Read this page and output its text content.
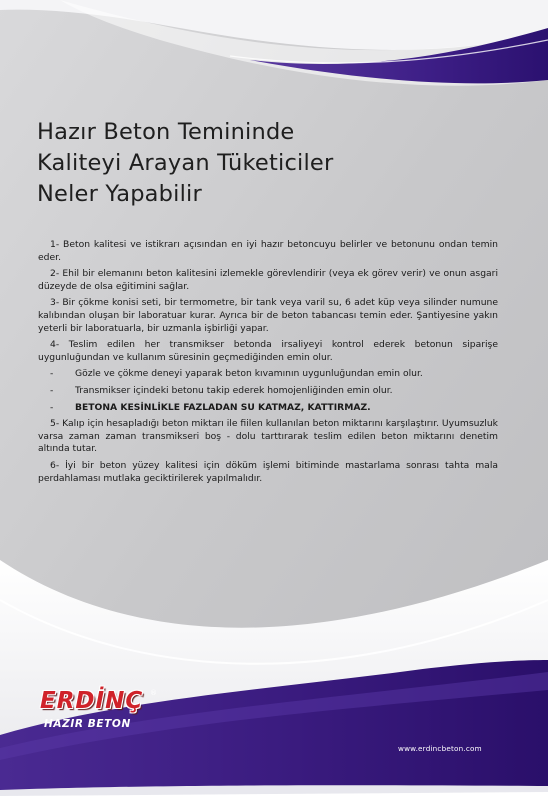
Hazır Beton Temininde
Kaliteyi Arayan Tüketiciler
Neler Yapabilir

1- Beton kalitesi ve istikrarı açısından en iyi hazır betoncuyu belirler ve betonunu ondan temin eder.

2- Ehil bir elemanını beton kalitesini izlemekle görevlendirir (veya ek görev verir) ve onun asgari düzeyde de olsa eğitimini sağlar.

3- Bir çökme konisi seti, bir termometre, bir tank veya varil su, 6 adet küp veya silinder numune kalıbından oluşan bir laboratuar kurar. Ayrıca bir de beton tabancası temin eder. Şantiyesine yakın yeterli bir laboratuarla, bir uzmanla işbirliği yapar.

4- Teslim edilen her transmikser betonda irsaliyeyi kontrol ederek betonun siparişe uygunluğundan ve kullanım süresinin geçmediğinden emin olur.

-	Gözle ve çökme deneyi yaparak beton kıvamının uygunluğundan emin olur.
-	Transmikser içindeki betonu takip ederek homojenliğinden emin olur.
-	BETONA KESİNLİKLE FAZLADAN SU KATMAZ, KATTIRMAZ.

5- Kalıp için hesapladığı beton miktarı ile fiilen kullanılan beton miktarını karşılaştırır. Uyumsuzluk varsa zaman zaman transmikseri boş - dolu tarttırarak teslim edilen beton miktarını denetim altında tutar.

6- İyi bir beton yüzey kalitesi için döküm işlemi bitiminde mastarlama sonrası tahta mala perdahlaması mutlaka geciktirilerek yapılmalıdır.

ERDİNÇ ®
HAZIR BETON
www.erdincbeton.com
